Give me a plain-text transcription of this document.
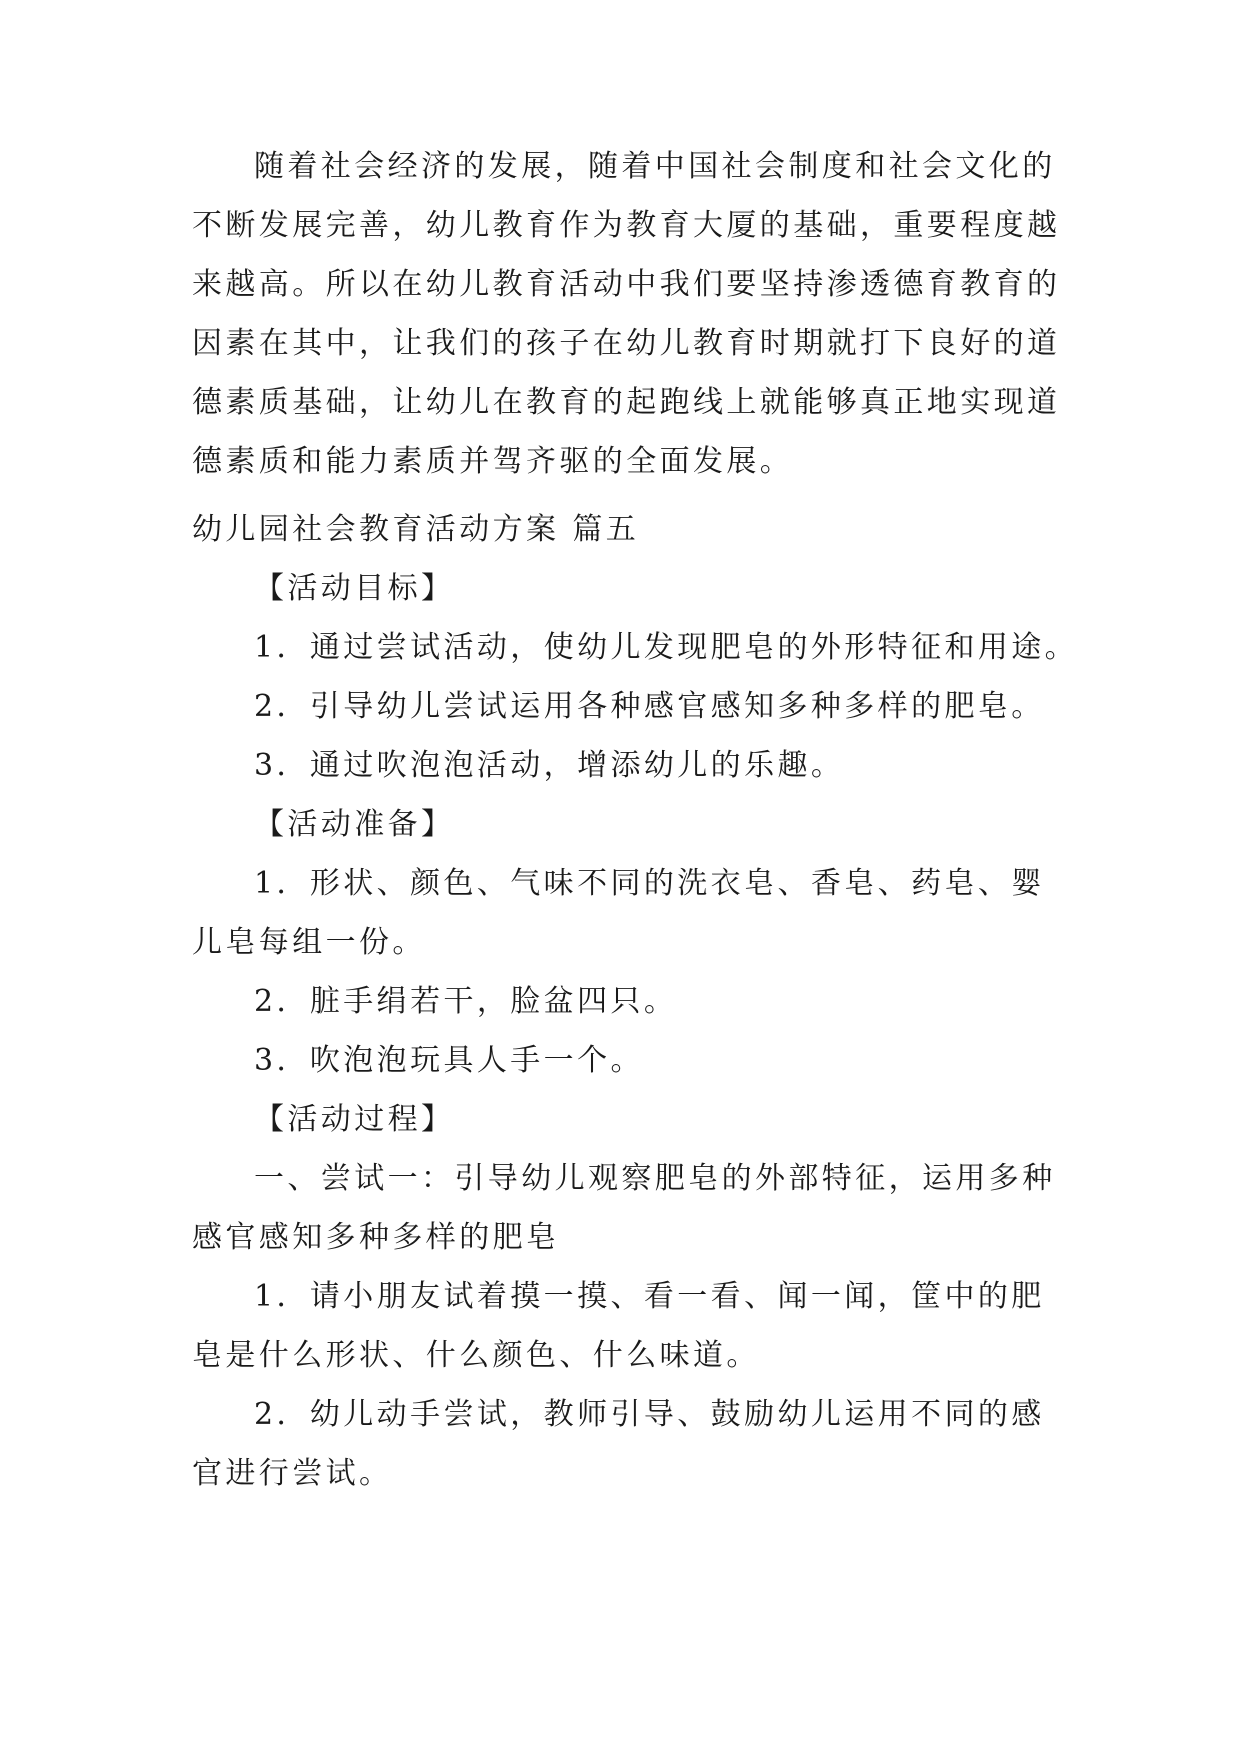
随着社会经济的发展，随着中国社会制度和社会文化的
不断发展完善，幼儿教育作为教育大厦的基础，重要程度越
来越高。所以在幼儿教育活动中我们要坚持渗透德育教育的
因素在其中，让我们的孩子在幼儿教育时期就打下良好的道
德素质基础，让幼儿在教育的起跑线上就能够真正地实现道
德素质和能力素质并驾齐驱的全面发展。
幼儿园社会教育活动方案 篇五
【活动目标】
1．通过尝试活动，使幼儿发现肥皂的外形特征和用途。
2．引导幼儿尝试运用各种感官感知多种多样的肥皂。
3．通过吹泡泡活动，增添幼儿的乐趣。
【活动准备】
1．形状、颜色、气味不同的洗衣皂、香皂、药皂、婴
儿皂每组一份。
2．脏手绢若干，脸盆四只。
3．吹泡泡玩具人手一个。
【活动过程】
一、尝试一：引导幼儿观察肥皂的外部特征，运用多种
感官感知多种多样的肥皂
1．请小朋友试着摸一摸、看一看、闻一闻，筐中的肥
皂是什么形状、什么颜色、什么味道。
2．幼儿动手尝试，教师引导、鼓励幼儿运用不同的感
官进行尝试。
